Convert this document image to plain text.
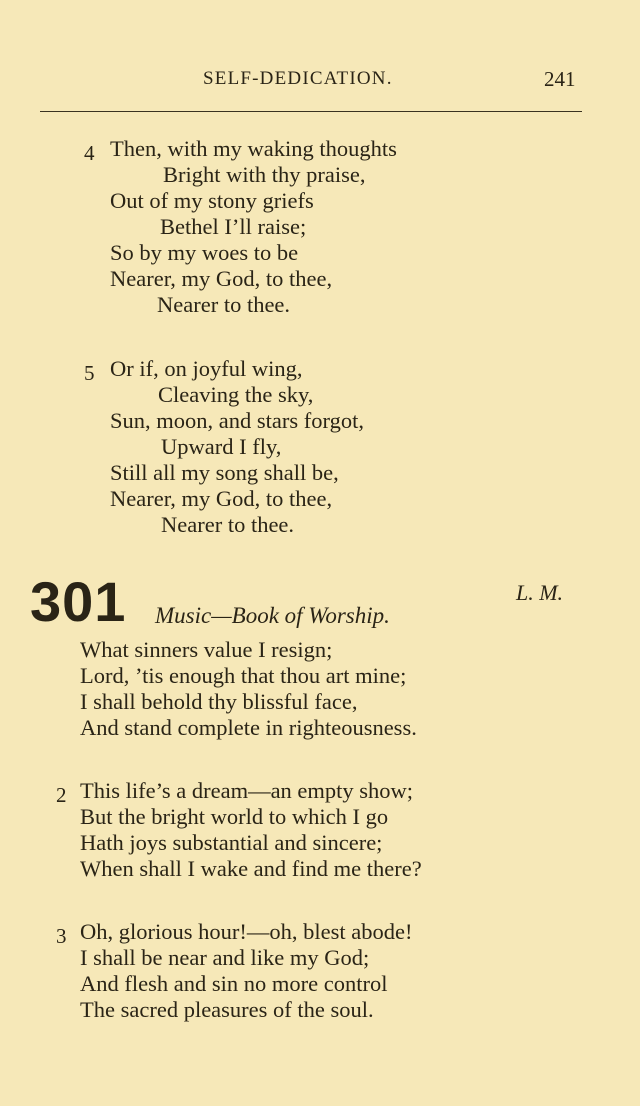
SELF-DEDICATION.	241
4 Then, with my waking thoughts
Bright with thy praise,
Out of my stony griefs
Bethel I’ll raise;
So by my woes to be
Nearer, my God, to thee,
Nearer to thee.
5 Or if, on joyful wing,
Cleaving the sky,
Sun, moon, and stars forgot,
Upward I fly,
Still all my song shall be,
Nearer, my God, to thee,
Nearer to thee.
301 Music—Book of Worship.
L. M.
What sinners value I resign;
Lord, ’tis enough that thou art mine;
I shall behold thy blissful face,
And stand complete in righteousness.
2 This life’s a dream—an empty show;
But the bright world to which I go
Hath joys substantial and sincere;
When shall I wake and find me there?
3 Oh, glorious hour!—oh, blest abode!
I shall be near and like my God;
And flesh and sin no more control
The sacred pleasures of the soul.
